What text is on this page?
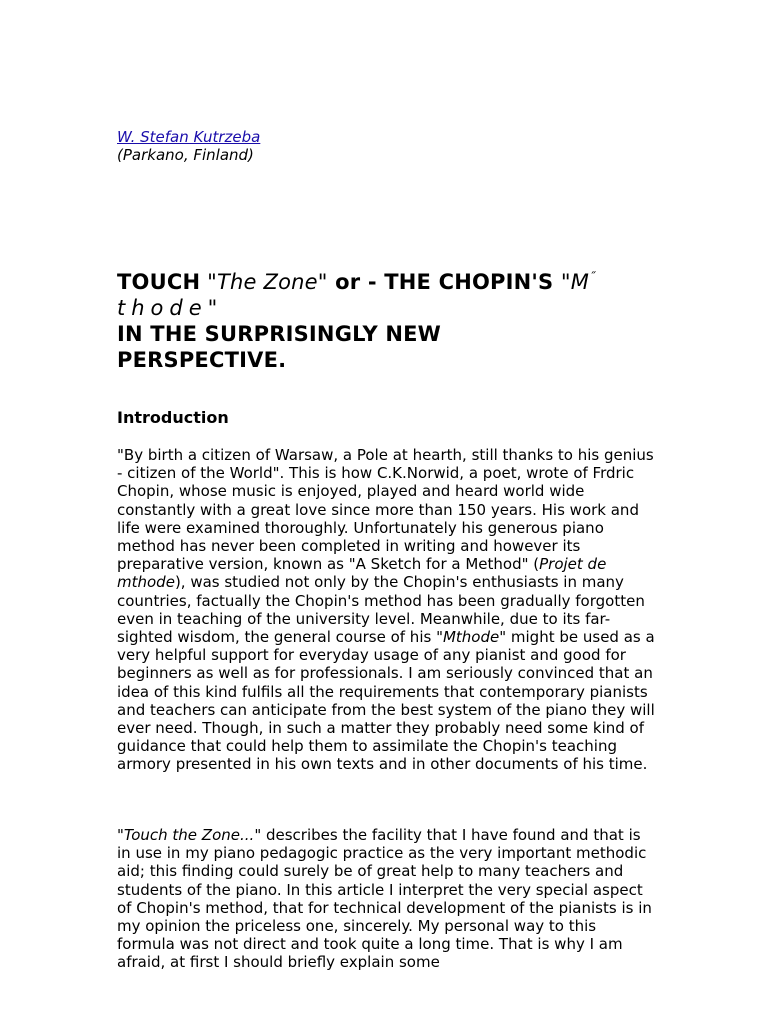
W. Stefan Kutrzeba
(Parkano, Finland)
TOUCH "The Zone" or - THE CHOPIN'S "M˝
thode"
IN THE SURPRISINGLY NEW
PERSPECTIVE.
Introduction

"By birth a citizen of Warsaw, a Pole at hearth, still thanks to his genius - citizen of the World". This is how C.K.Norwid, a poet, wrote of Frdric Chopin, whose music is enjoyed, played and heard world wide constantly with a great love since more than 150 years. His work and life were examined thoroughly. Unfortunately his generous piano method has never been completed in writing and however its preparative version, known as "A Sketch for a Method" (Projet de mthode), was studied not only by the Chopin's enthusiasts in many countries, factually the Chopin's method has been gradually forgotten even in teaching of the university level. Meanwhile, due to its far-sighted wisdom, the general course of his "Mthode" might be used as a very helpful support for everyday usage of any pianist and good for beginners as well as for professionals. I am seriously convinced that an idea of this kind fulfils all the requirements that contemporary pianists and teachers can anticipate from the best system of the piano they will ever need. Though, in such a matter they probably need some kind of guidance that could help them to assimilate the Chopin's teaching armory presented in his own texts and in other documents of his time.

"Touch the Zone..." describes the facility that I have found and that is in use in my piano pedagogic practice as the very important methodic aid; this finding could surely be of great help to many teachers and students of the piano. In this article I interpret the very special aspect of Chopin's method, that for technical development of the pianists is in my opinion the priceless one, sincerely. My personal way to this formula was not direct and took quite a long time. That is why I am afraid, at first I should briefly explain some
